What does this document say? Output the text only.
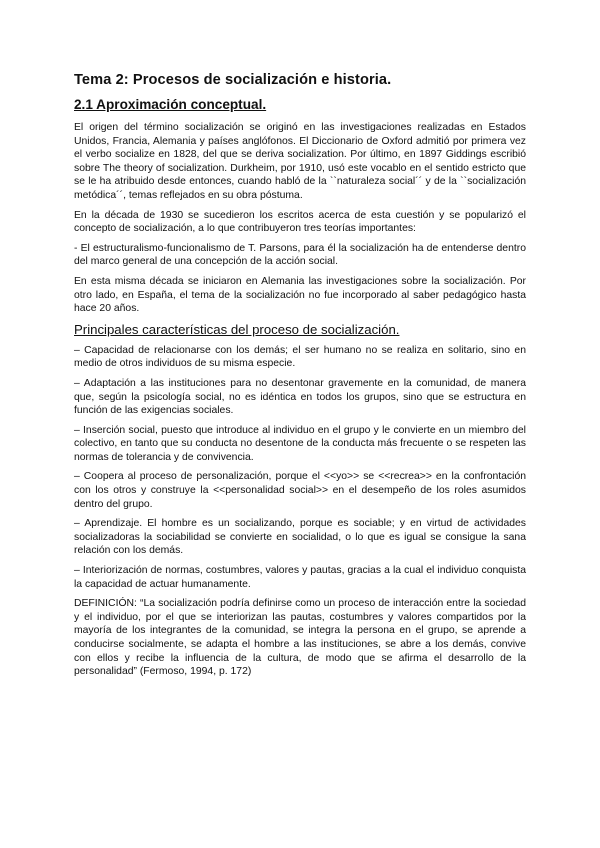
Tema 2: Procesos de socialización e historia.
2.1 Aproximación conceptual.

El origen del término socialización se originó en las investigaciones realizadas en Estados Unidos, Francia, Alemania y países anglófonos. El Diccionario de Oxford admitió por primera vez el verbo socialize en 1828, del que se deriva socialization. Por último, en 1897 Giddings escribió sobre The theory of socialization. Durkheim, por 1910, usó este vocablo en el sentido estricto que se le ha atribuido desde entonces, cuando habló de la ``naturaleza social´´ y de la ``socialización metódica´´, temas reflejados en su obra póstuma.

En la década de 1930 se sucedieron los escritos acerca de esta cuestión y se popularizó el concepto de socialización, a lo que contribuyeron tres teorías importantes:

- El estructuralismo-funcionalismo de T. Parsons, para él la socialización ha de entenderse dentro del marco general de una concepción de la acción social.

En esta misma década se iniciaron en Alemania las investigaciones sobre la socialización. Por otro lado, en España, el tema de la socialización no fue incorporado al saber pedagógico hasta hace 20 años.

Principales características del proceso de socialización.

– Capacidad de relacionarse con los demás; el ser humano no se realiza en solitario, sino en medio de otros individuos de su misma especie.

– Adaptación a las instituciones para no desentonar gravemente en la comunidad, de manera que, según la psicología social, no es idéntica en todos los grupos, sino que se estructura en función de las exigencias sociales.

– Inserción social, puesto que introduce al individuo en el grupo y le convierte en un miembro del colectivo, en tanto que su conducta no desentone de la conducta más frecuente o se respeten las normas de tolerancia y de convivencia.

– Coopera al proceso de personalización, porque el <<yo>> se <<recrea>> en la confrontación con los otros y construye la <<personalidad social>> en el desempeño de los roles asumidos dentro del grupo.

– Aprendizaje. El hombre es un socializando, porque es sociable; y en virtud de actividades socializadoras la sociabilidad se convierte en socialidad, o lo que es igual se consigue la sana relación con los demás.

– Interiorización de normas, costumbres, valores y pautas, gracias a la cual el individuo conquista la capacidad de actuar humanamente.

DEFINICIÓN: “La socialización podría definirse como un proceso de interacción entre la sociedad y el individuo, por el que se interiorizan las pautas, costumbres y valores compartidos por la mayoría de los integrantes de la comunidad, se integra la persona en el grupo, se aprende a conducirse socialmente, se adapta el hombre a las instituciones, se abre a los demás, convive con ellos y recibe la influencia de la cultura, de modo que se afirma el desarrollo de la personalidad” (Fermoso, 1994, p. 172)
